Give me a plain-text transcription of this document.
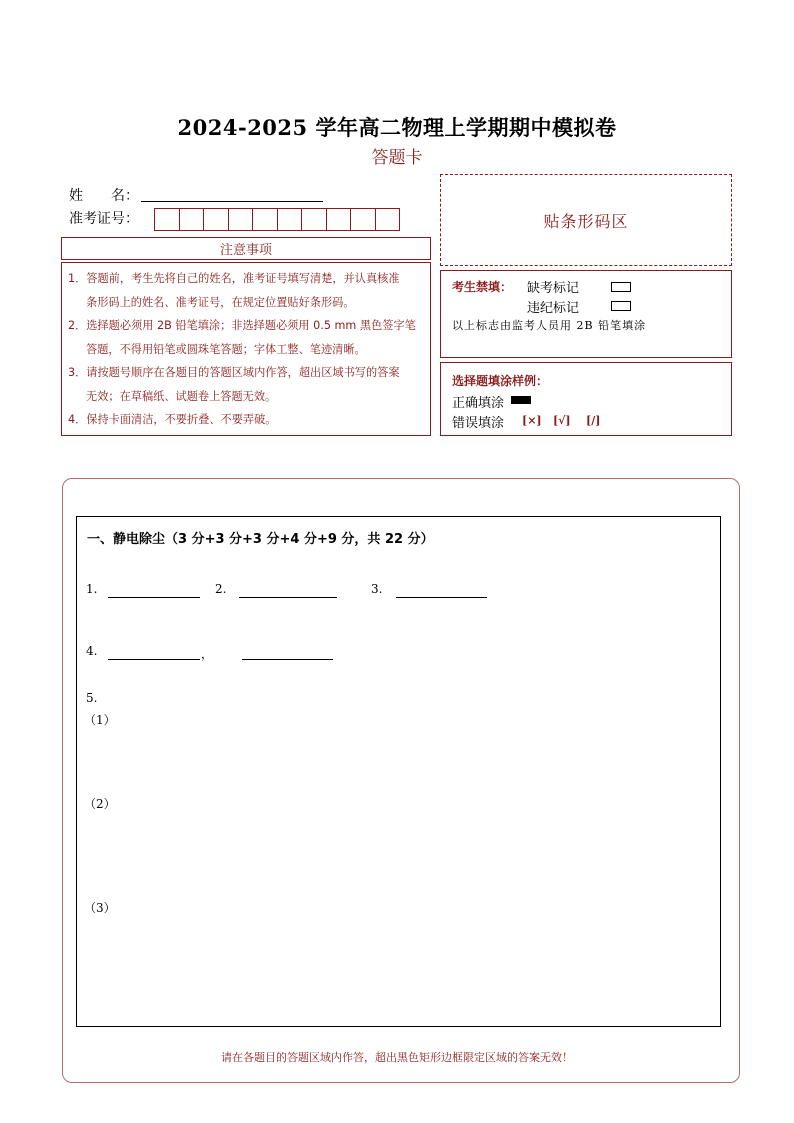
2024-2025 学年高二物理上学期期中模拟卷
答题卡
姓　　名：
准考证号：	贴条形码区
注意事项
1．答题前，考生先将自己的姓名，准考证号填写清楚，并认真核准
条形码上的姓名、准考证号，在规定位置贴好条形码。
2．选择题必须用 2B 铅笔填涂；非选择题必须用 0.5 mm 黑色签字笔
答题，不得用铅笔或圆珠笔答题；字体工整、笔迹清晰。
3．请按题号顺序在各题目的答题区域内作答，超出区域书写的答案
无效；在草稿纸、试题卷上答题无效。
4．保持卡面清洁，不要折叠、不要弄破。
考生禁填： 缺考标记
违纪标记
以上标志由监考人员用 2B 铅笔填涂
选择题填涂样例：
正确填涂
错误填涂 [×] [√] [/]
一、静电除尘（3 分+3 分+3 分+4 分+9 分，共 22 分）
1.	2.	3.
4.	，
5.
（1）
（2）
（3）
请在各题目的答题区域内作答，超出黑色矩形边框限定区域的答案无效！
